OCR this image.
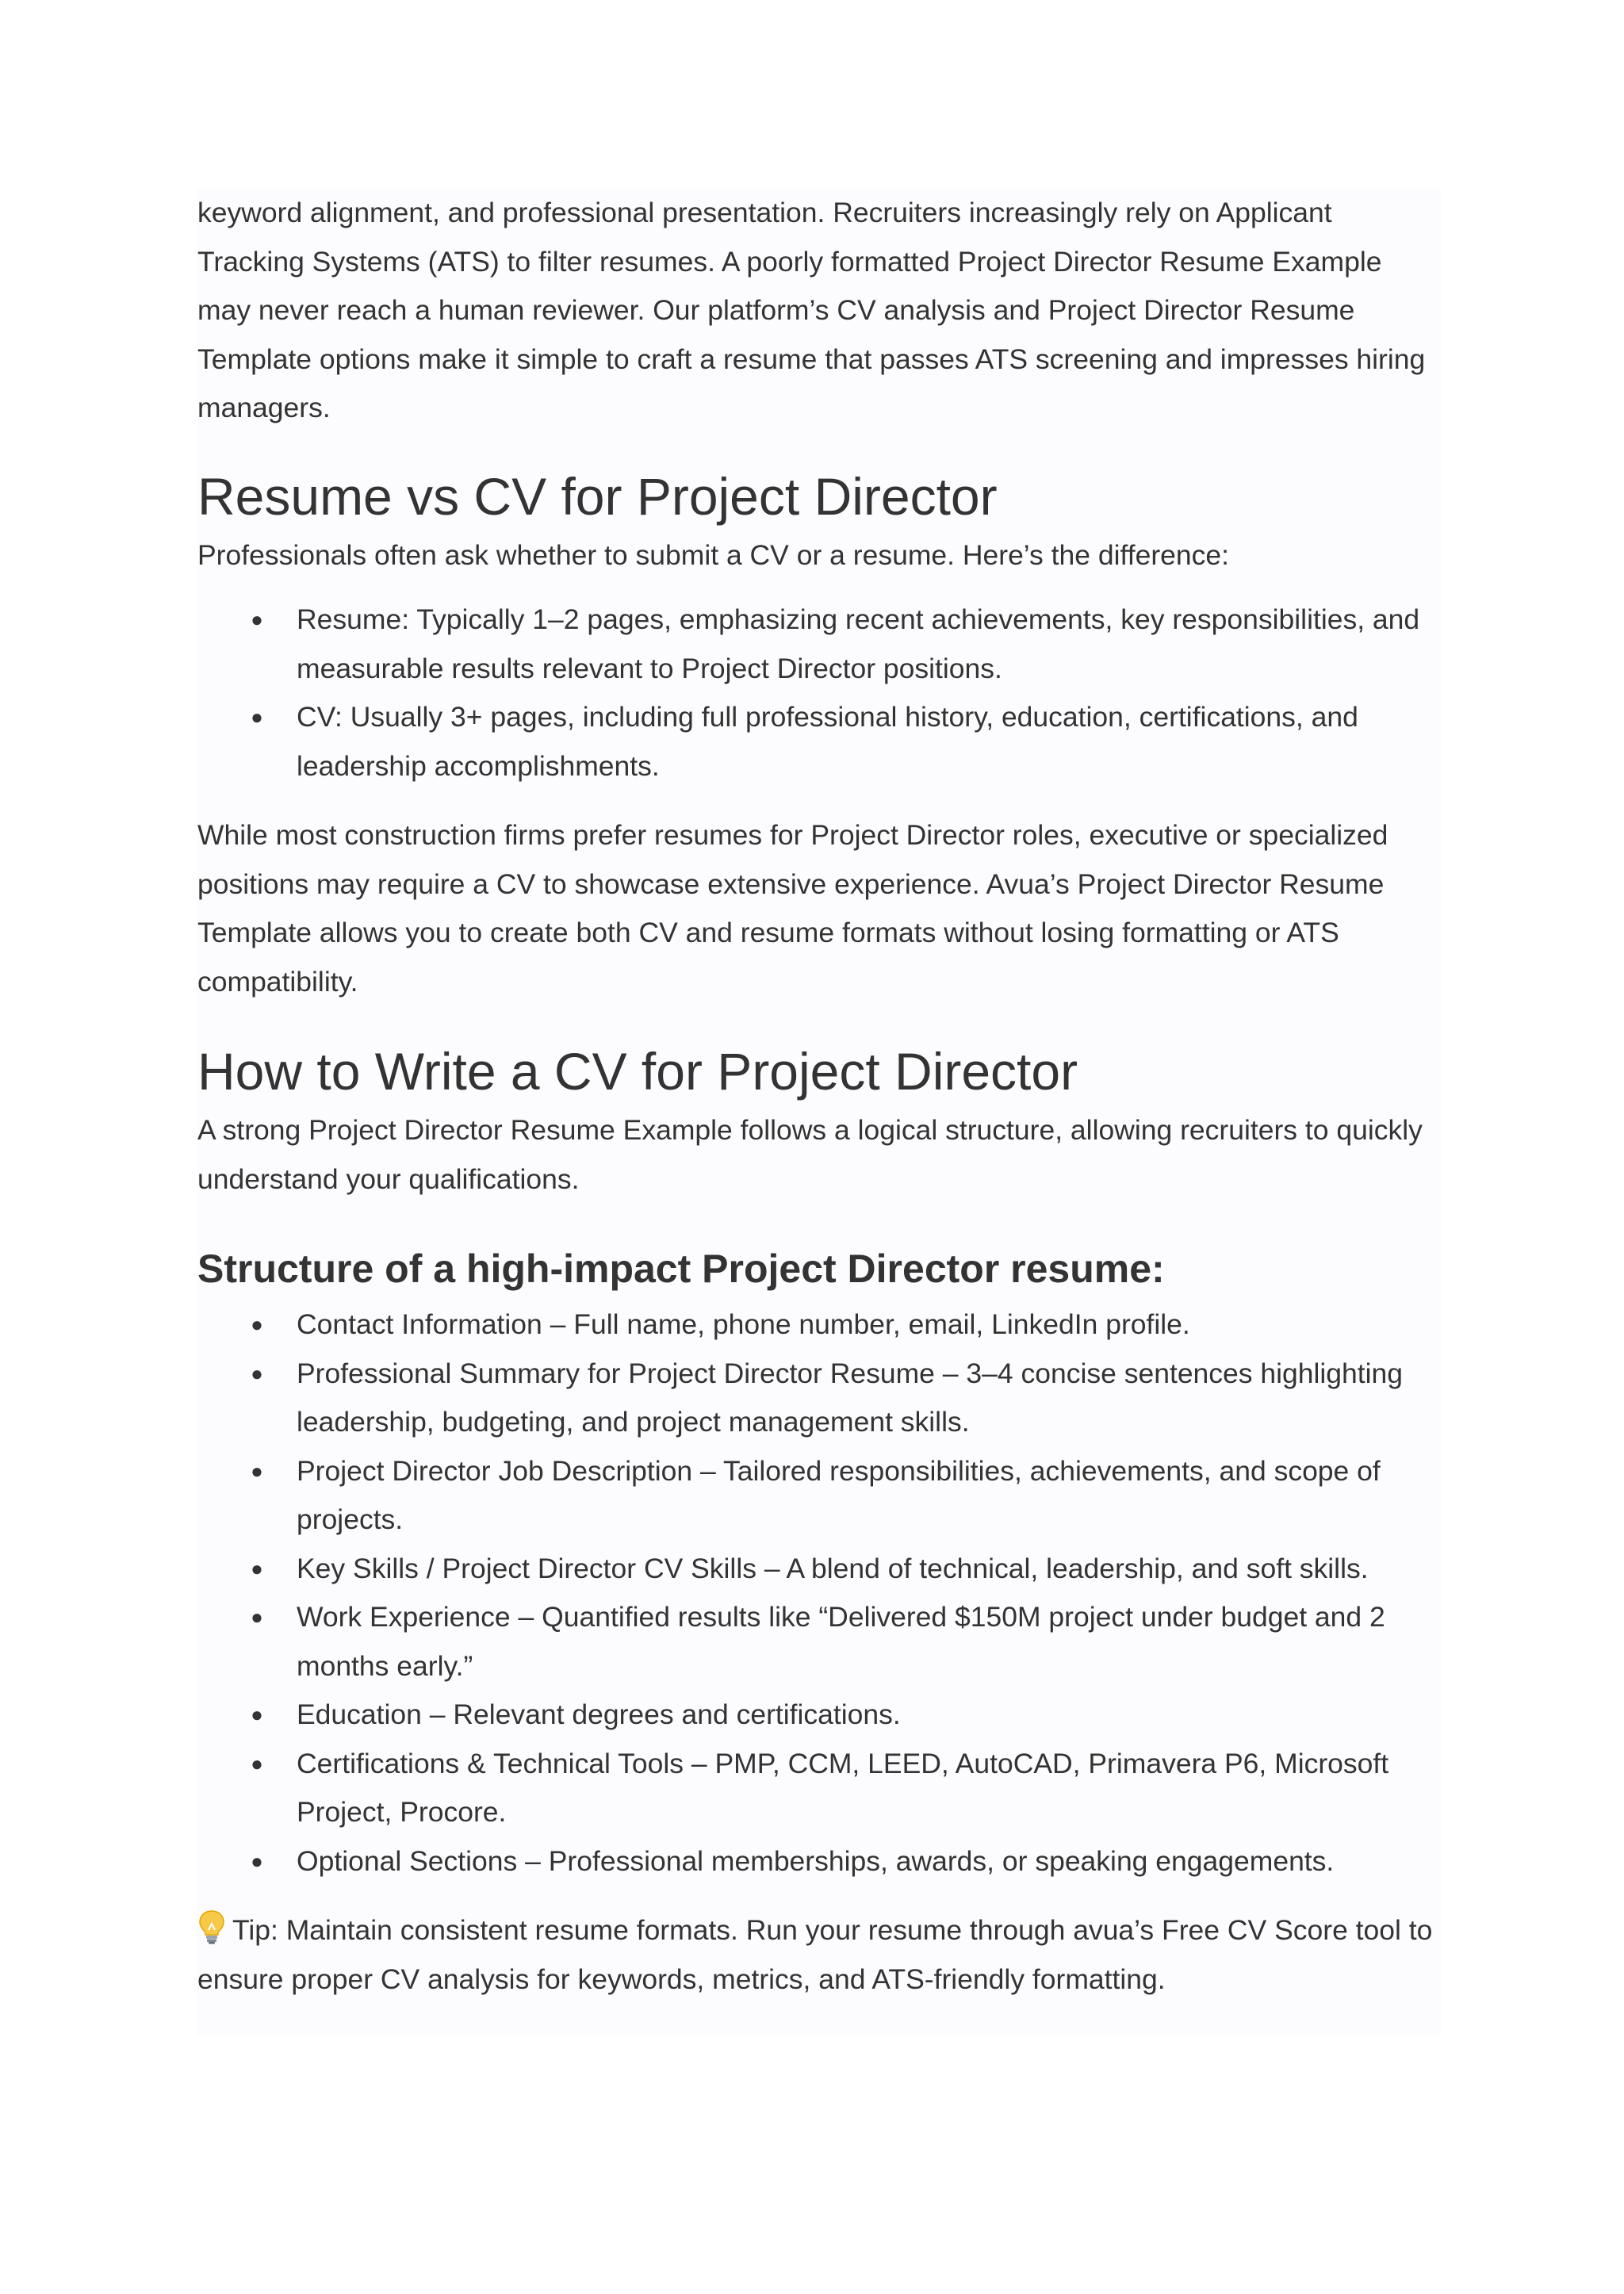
keyword alignment, and professional presentation. Recruiters increasingly rely on Applicant Tracking Systems (ATS) to filter resumes. A poorly formatted Project Director Resume Example may never reach a human reviewer. Our platform’s CV analysis and Project Director Resume Template options make it simple to craft a resume that passes ATS screening and impresses hiring managers.

Resume vs CV for Project Director

Professionals often ask whether to submit a CV or a resume. Here’s the difference:

● Resume: Typically 1–2 pages, emphasizing recent achievements, key responsibilities, and measurable results relevant to Project Director positions.
● CV: Usually 3+ pages, including full professional history, education, certifications, and leadership accomplishments.

While most construction firms prefer resumes for Project Director roles, executive or specialized positions may require a CV to showcase extensive experience. Avua’s Project Director Resume Template allows you to create both CV and resume formats without losing formatting or ATS compatibility.

How to Write a CV for Project Director

A strong Project Director Resume Example follows a logical structure, allowing recruiters to quickly understand your qualifications.

Structure of a high-impact Project Director resume:
● Contact Information – Full name, phone number, email, LinkedIn profile.
● Professional Summary for Project Director Resume – 3–4 concise sentences highlighting leadership, budgeting, and project management skills.
● Project Director Job Description – Tailored responsibilities, achievements, and scope of projects.
● Key Skills / Project Director CV Skills – A blend of technical, leadership, and soft skills.
● Work Experience – Quantified results like “Delivered $150M project under budget and 2 months early.”
● Education – Relevant degrees and certifications.
● Certifications & Technical Tools – PMP, CCM, LEED, AutoCAD, Primavera P6, Microsoft Project, Procore.
● Optional Sections – Professional memberships, awards, or speaking engagements.

Tip: Maintain consistent resume formats. Run your resume through avua’s Free CV Score tool to ensure proper CV analysis for keywords, metrics, and ATS-friendly formatting.
